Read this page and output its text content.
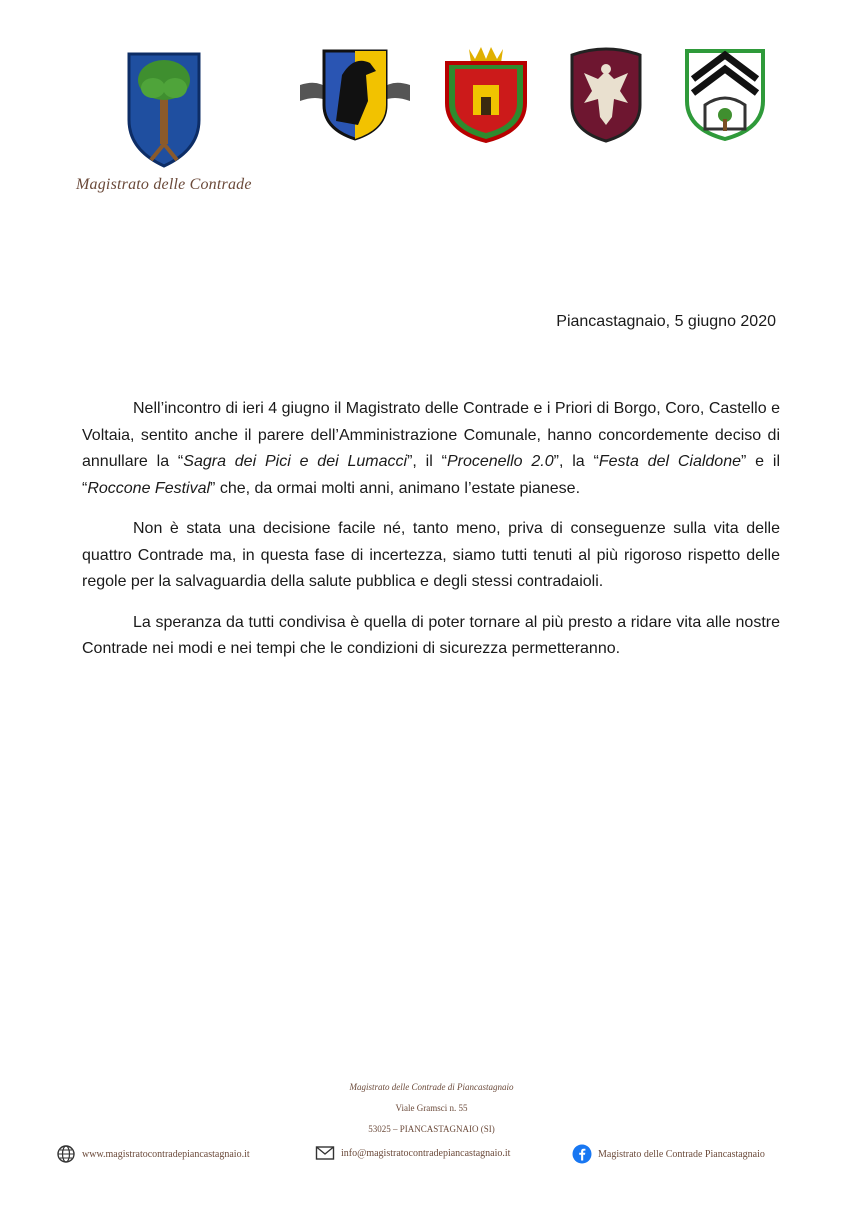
Magistrato delle Contrade
Piancastagnaio, 5 giugno 2020

Nell’incontro di ieri 4 giugno il Magistrato delle Contrade e i Priori di Borgo, Coro, Castello e Voltaia, sentito anche il parere dell’Amministrazione Comunale, hanno concordemente deciso di annullare la “Sagra dei Pici e dei Lumacci”, il “Procenello 2.0”, la “Festa del Cialdone” e il “Roccone Festival” che, da ormai molti anni, animano l’estate pianese.

Non è stata una decisione facile né, tanto meno, priva di conseguenze sulla vita delle quattro Contrade ma, in questa fase di incertezza, siamo tutti tenuti al più rigoroso rispetto delle regole per la salvaguardia della salute pubblica e degli stessi contradaioli.

La speranza da tutti condivisa è quella di poter tornare al più presto a ridare vita alle nostre Contrade nei modi e nei tempi che le condizioni di sicurezza permetteranno.

Magistrato delle Contrade di Piancastagnaio
Viale Gramsci n. 55
53025 – PIANCASTAGNAIO (SI)
www.magistratocontradepiancastagnaio.it	info@magistratocontradepiancastagnaio.it	Magistrato delle Contrade Piancastagnaio
